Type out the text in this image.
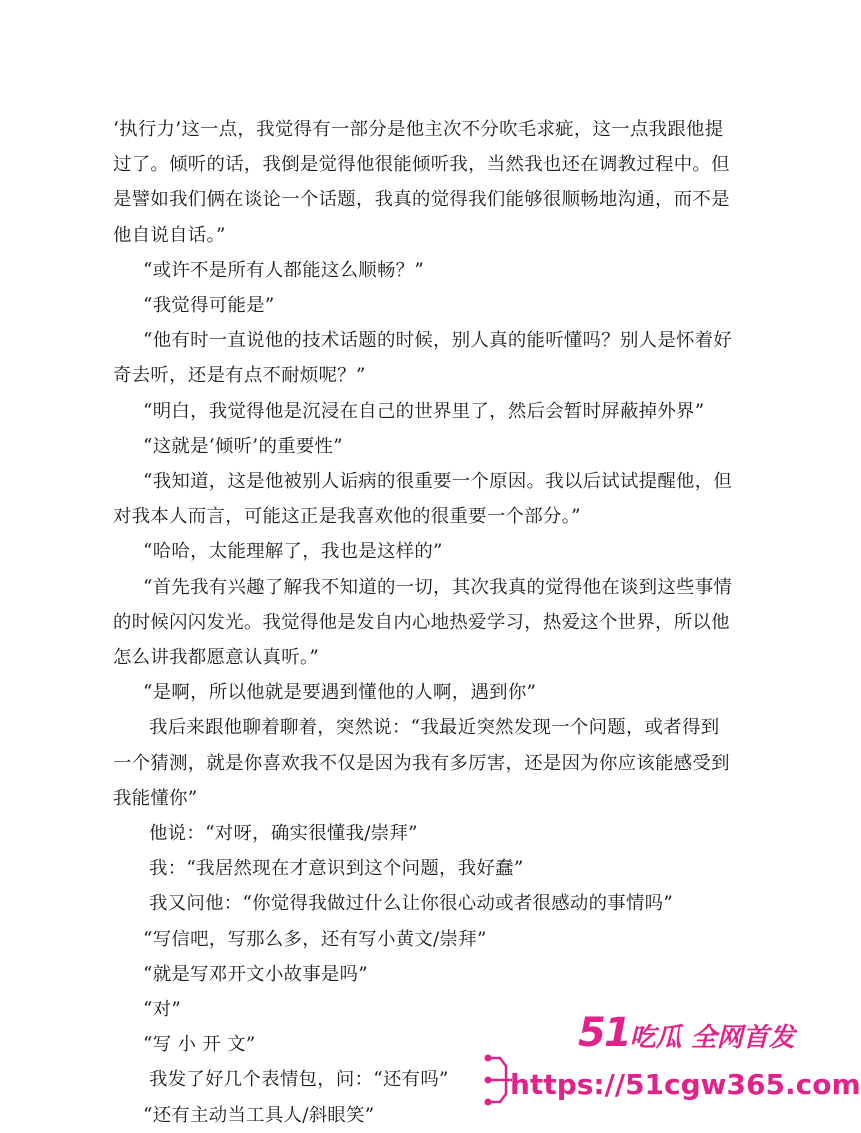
‘执行力’这一点，我觉得有一部分是他主次不分吹毛求疵，这一点我跟他提过了。倾听的话，我倒是觉得他很能倾听我，当然我也还在调教过程中。但是譬如我们俩在谈论一个话题，我真的觉得我们能够很顺畅地沟通，而不是他自说自话。”

“或许不是所有人都能这么顺畅？”

“我觉得可能是”

“他有时一直说他的技术话题的时候，别人真的能听懂吗？别人是怀着好奇去听，还是有点不耐烦呢？”

“明白，我觉得他是沉浸在自己的世界里了，然后会暂时屏蔽掉外界”

“这就是‘倾听’的重要性”

“我知道，这是他被别人诟病的很重要一个原因。我以后试试提醒他，但对我本人而言，可能这正是我喜欢他的很重要一个部分。”

“哈哈，太能理解了，我也是这样的”

“首先我有兴趣了解我不知道的一切，其次我真的觉得他在谈到这些事情的时候闪闪发光。我觉得他是发自内心地热爱学习，热爱这个世界，所以他怎么讲我都愿意认真听。”

“是啊，所以他就是要遇到懂他的人啊，遇到你”

我后来跟他聊着聊着，突然说：“我最近突然发现一个问题，或者得到一个猜测，就是你喜欢我不仅是因为我有多厉害，还是因为你应该能感受到我能懂你”

他说：“对呀，确实很懂我/崇拜”

我：“我居然现在才意识到这个问题，我好蠢”

我又问他：“你觉得我做过什么让你很心动或者很感动的事情吗”

“写信吧，写那么多，还有写小黄文/崇拜”

“就是写邓开文小故事是吗”

“对”

“写 小 开 文”

我发了好几个表情包，问：“还有吗”

“还有主动当工具人/斜眼笑”

51吃瓜 全网首发
https://51cgw365.com
